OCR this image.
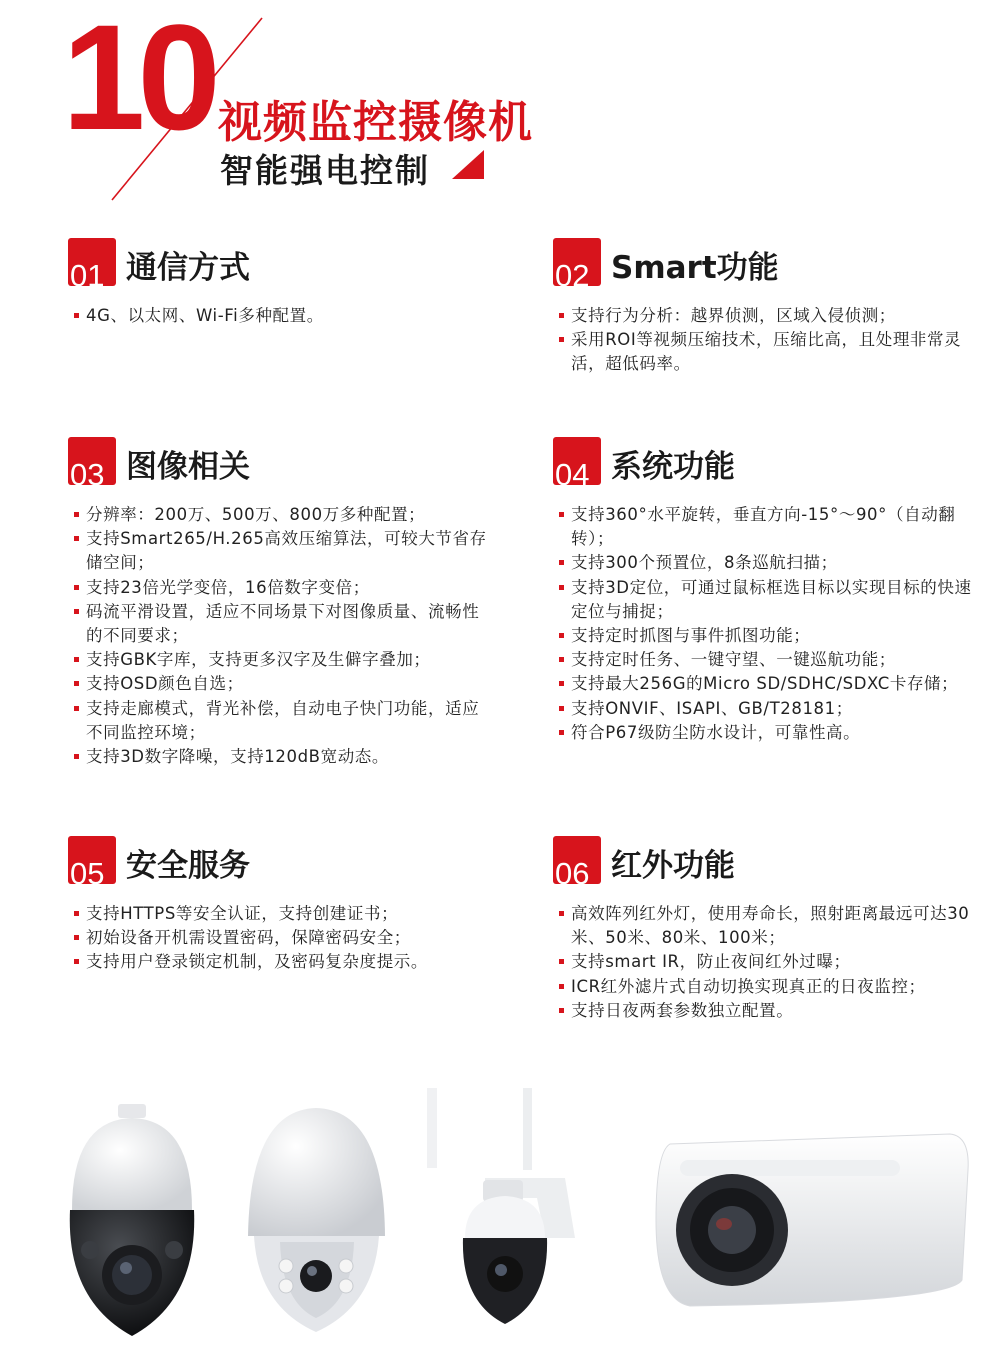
10 视频监控摄像机
智能强电控制
01 通信方式
4G、以太网、Wi-Fi多种配置。
02 Smart功能
支持行为分析：越界侦测，区域入侵侦测；
采用ROI等视频压缩技术，压缩比高，且处理非常灵活，超低码率。
03 图像相关
分辨率：200万、500万、800万多种配置；
支持Smart265/H.265高效压缩算法，可较大节省存储空间；
支持23倍光学变倍，16倍数字变倍；
码流平滑设置，适应不同场景下对图像质量、流畅性的不同要求；
支持GBK字库，支持更多汉字及生僻字叠加；
支持OSD颜色自选；
支持走廊模式，背光补偿，自动电子快门功能，适应不同监控环境；
支持3D数字降噪，支持120dB宽动态。
04 系统功能
支持360°水平旋转，垂直方向-15°～90°（自动翻转）；
支持300个预置位，8条巡航扫描；
支持3D定位，可通过鼠标框选目标以实现目标的快速定位与捕捉；
支持定时抓图与事件抓图功能；
支持定时任务、一键守望、一键巡航功能；
支持最大256G的Micro SD/SDHC/SDXC卡存储；
支持ONVIF、ISAPI、GB/T28181；
符合P67级防尘防水设计，可靠性高。
05 安全服务
支持HTTPS等安全认证，支持创建证书；
初始设备开机需设置密码，保障密码安全；
支持用户登录锁定机制，及密码复杂度提示。
06 红外功能
高效阵列红外灯，使用寿命长，照射距离最远可达30米、50米、80米、100米；
支持smart IR，防止夜间红外过曝；
ICR红外滤片式自动切换实现真正的日夜监控；
支持日夜两套参数独立配置。
